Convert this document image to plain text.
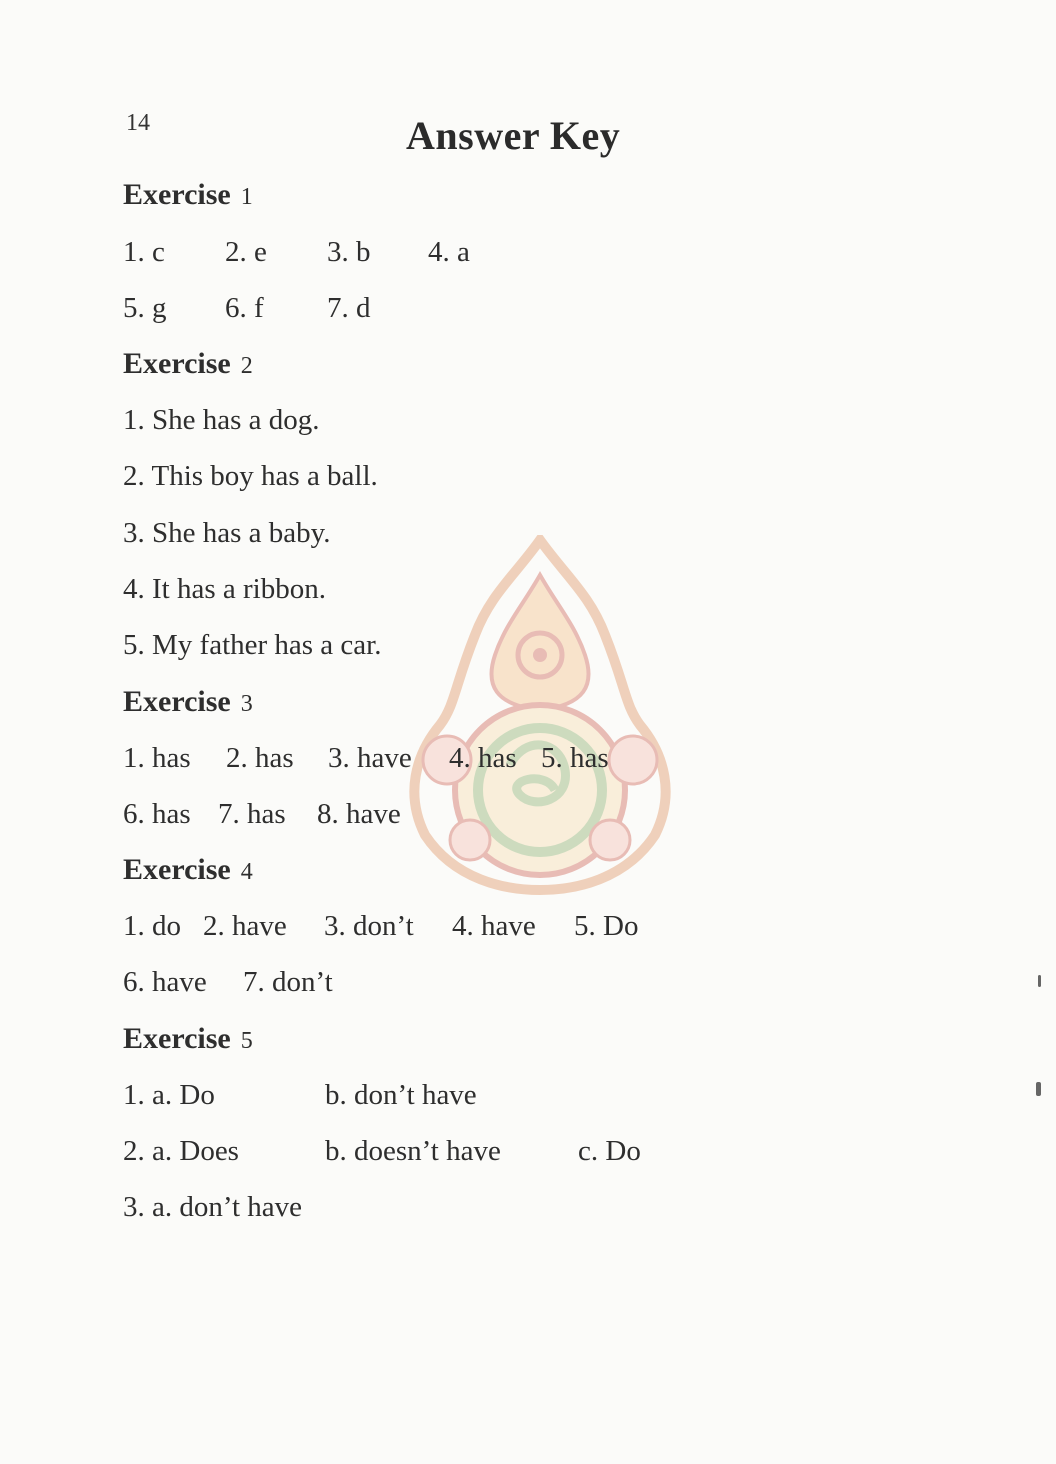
14	Answer Key
Exercise 1
1. c 2. e 3. b 4. a
5. g 6. f 7. d
Exercise 2
1. She has a dog.
2. This boy has a ball.
3. She has a baby.
4. It has a ribbon.
5. My father has a car.
Exercise 3
1. has 2. has 3. have 4. has 5. has
6. has 7. has 8. have
Exercise 4
1. do 2. have 3. don’t 4. have 5. Do
6. have 7. don’t
Exercise 5
1. a. Do	b. don’t have
2. a. Does	b. doesn’t have	c. Do
3. a. don’t have
